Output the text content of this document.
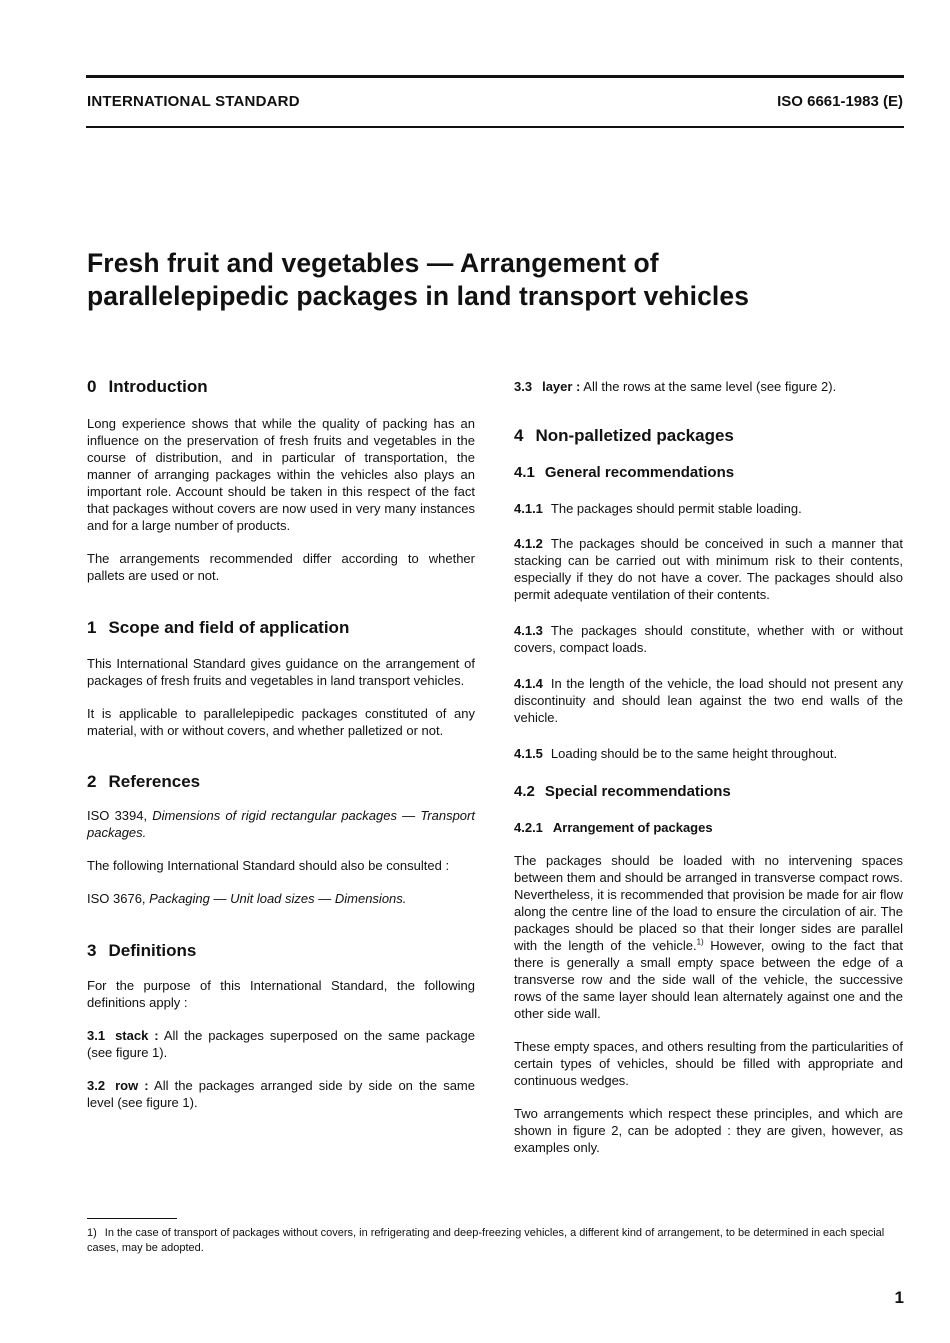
INTERNATIONAL STANDARD	ISO 6661-1983 (E)
Fresh fruit and vegetables — Arrangement of
parallelepipedic packages in land transport vehicles
0 Introduction

Long experience shows that while the quality of packing has an influence on the preservation of fresh fruits and vegetables in the course of distribution, and in particular of transportation, the manner of arranging packages within the vehicles also plays an important role. Account should be taken in this respect of the fact that packages without covers are now used in very many instances and for a large number of products.

The arrangements recommended differ according to whether pallets are used or not.

1 Scope and field of application

This International Standard gives guidance on the arrangement of packages of fresh fruits and vegetables in land transport vehicles.

It is applicable to parallelepipedic packages constituted of any material, with or without covers, and whether palletized or not.

2 References

ISO 3394, Dimensions of rigid rectangular packages — Transport packages.

The following International Standard should also be consulted :

ISO 3676, Packaging — Unit load sizes — Dimensions.

3 Definitions

For the purpose of this International Standard, the following definitions apply :

3.1 stack : All the packages superposed on the same package (see figure 1).

3.2 row : All the packages arranged side by side on the same level (see figure 1).

3.3 layer : All the rows at the same level (see figure 2).

4 Non-palletized packages
4.1 General recommendations

4.1.1 The packages should permit stable loading.

4.1.2 The packages should be conceived in such a manner that stacking can be carried out with minimum risk to their contents, especially if they do not have a cover. The packages should also permit adequate ventilation of their contents.

4.1.3 The packages should constitute, whether with or without covers, compact loads.

4.1.4 In the length of the vehicle, the load should not present any discontinuity and should lean against the two end walls of the vehicle.

4.1.5 Loading should be to the same height throughout.

4.2 Special recommendations
4.2.1 Arrangement of packages

The packages should be loaded with no intervening spaces between them and should be arranged in transverse compact rows. Nevertheless, it is recommended that provision be made for air flow along the centre line of the load to ensure the circulation of air. The packages should be placed so that their longer sides are parallel with the length of the vehicle.$^{1)}$ However, owing to the fact that there is generally a small empty space between the edge of a transverse row and the side wall of the vehicle, the successive rows of the same layer should lean alternately against one and the other side wall.

These empty spaces, and others resulting from the particularities of certain types of vehicles, should be filled with appropriate and continuous wedges.

Two arrangements which respect these principles, and which are shown in figure 2, can be adopted : they are given, however, as examples only.

1) In the case of transport of packages without covers, in refrigerating and deep-freezing vehicles, a different kind of arrangement, to be determined in each special cases, may be adopted.
1
